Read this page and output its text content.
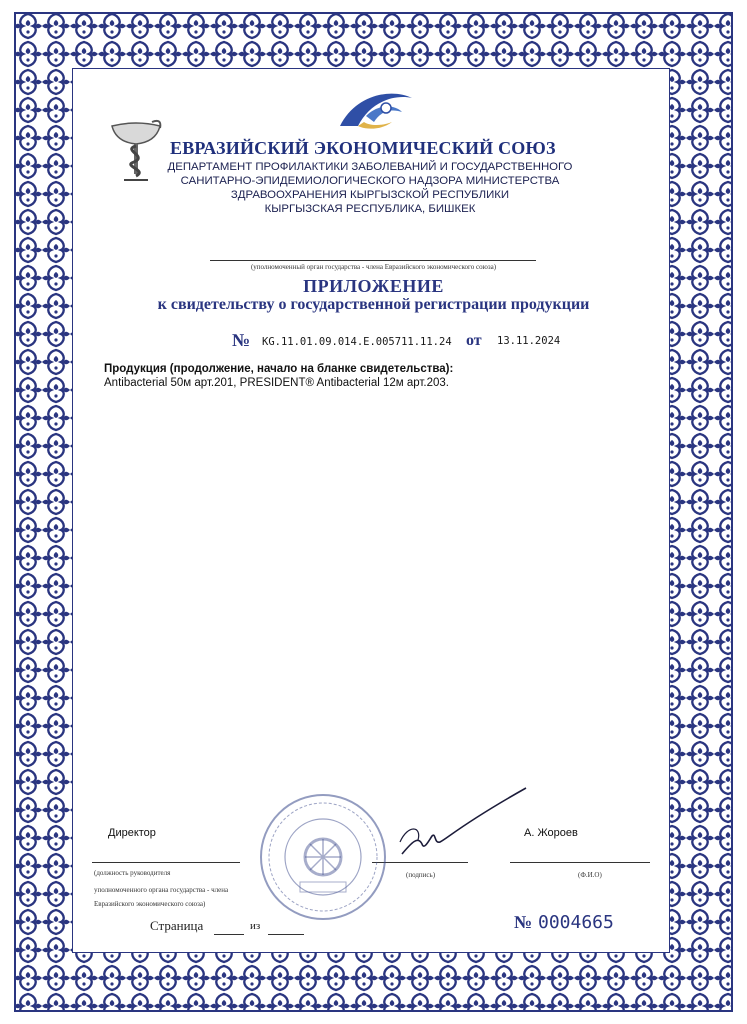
ЕВРАЗИЙСКИЙ ЭКОНОМИЧЕСКИЙ СОЮЗ
ДЕПАРТАМЕНТ ПРОФИЛАКТИКИ ЗАБОЛЕВАНИЙ И ГОСУДАРСТВЕННОГО
САНИТАРНО-ЭПИДЕМИОЛОГИЧЕСКОГО НАДЗОРА МИНИСТЕРСТВА
ЗДРАВООХРАНЕНИЯ КЫРГЫЗСКОЙ РЕСПУБЛИКИ
КЫРГЫЗСКАЯ РЕСПУБЛИКА, БИШКЕК
(уполномоченный орган государства - члена Евразийского экономического союза)
ПРИЛОЖЕНИЕ
к свидетельству о государственной регистрации продукции
№ KG.11.01.09.014.E.005711.11.24 от 13.11.2024
Продукция (продолжение, начало на бланке свидетельства):
Antibacterial 50м арт.201, PRESIDENT® Antibacterial 12м арт.203.
Директор	А. Жороев
(должность руководителя
уполномоченного органа государства - члена
Евразийского экономического союза)
(подпись)	(Ф.И.О)
Страница	из	№ 0004665
